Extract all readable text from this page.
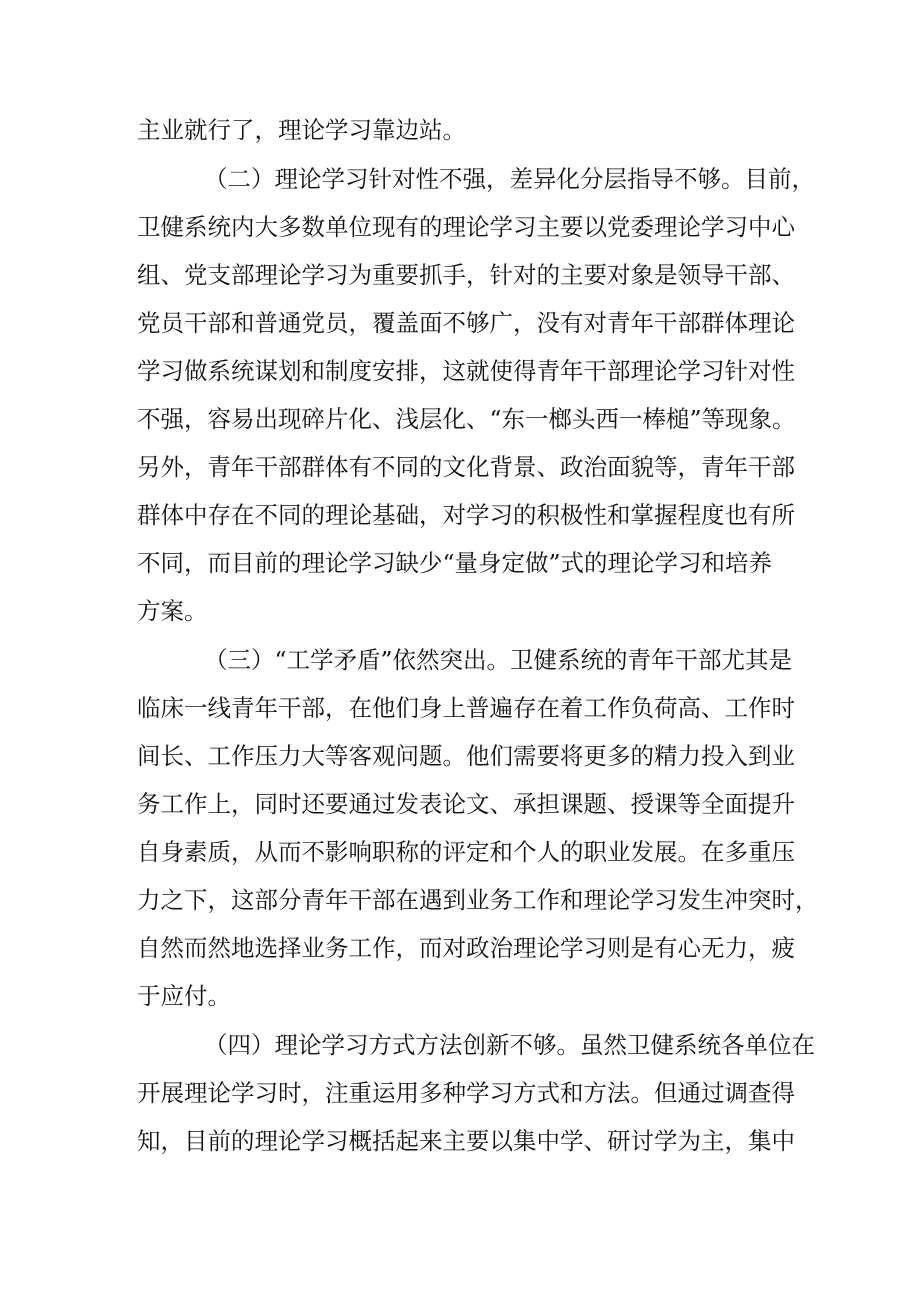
主业就行了，理论学习靠边站。
（二）理论学习针对性不强，差异化分层指导不够。目前，
卫健系统内大多数单位现有的理论学习主要以党委理论学习中心
组、党支部理论学习为重要抓手，针对的主要对象是领导干部、
党员干部和普通党员，覆盖面不够广，没有对青年干部群体理论
学习做系统谋划和制度安排，这就使得青年干部理论学习针对性
不强，容易出现碎片化、浅层化、“东一榔头西一棒槌”等现象。
另外，青年干部群体有不同的文化背景、政治面貌等，青年干部
群体中存在不同的理论基础，对学习的积极性和掌握程度也有所
不同，而目前的理论学习缺少“量身定做”式的理论学习和培养
方案。
（三）“工学矛盾”依然突出。卫健系统的青年干部尤其是
临床一线青年干部，在他们身上普遍存在着工作负荷高、工作时
间长、工作压力大等客观问题。他们需要将更多的精力投入到业
务工作上，同时还要通过发表论文、承担课题、授课等全面提升
自身素质，从而不影响职称的评定和个人的职业发展。在多重压
力之下，这部分青年干部在遇到业务工作和理论学习发生冲突时，
自然而然地选择业务工作，而对政治理论学习则是有心无力，疲
于应付。
（四）理论学习方式方法创新不够。虽然卫健系统各单位在
开展理论学习时，注重运用多种学习方式和方法。但通过调查得
知，目前的理论学习概括起来主要以集中学、研讨学为主，集中
